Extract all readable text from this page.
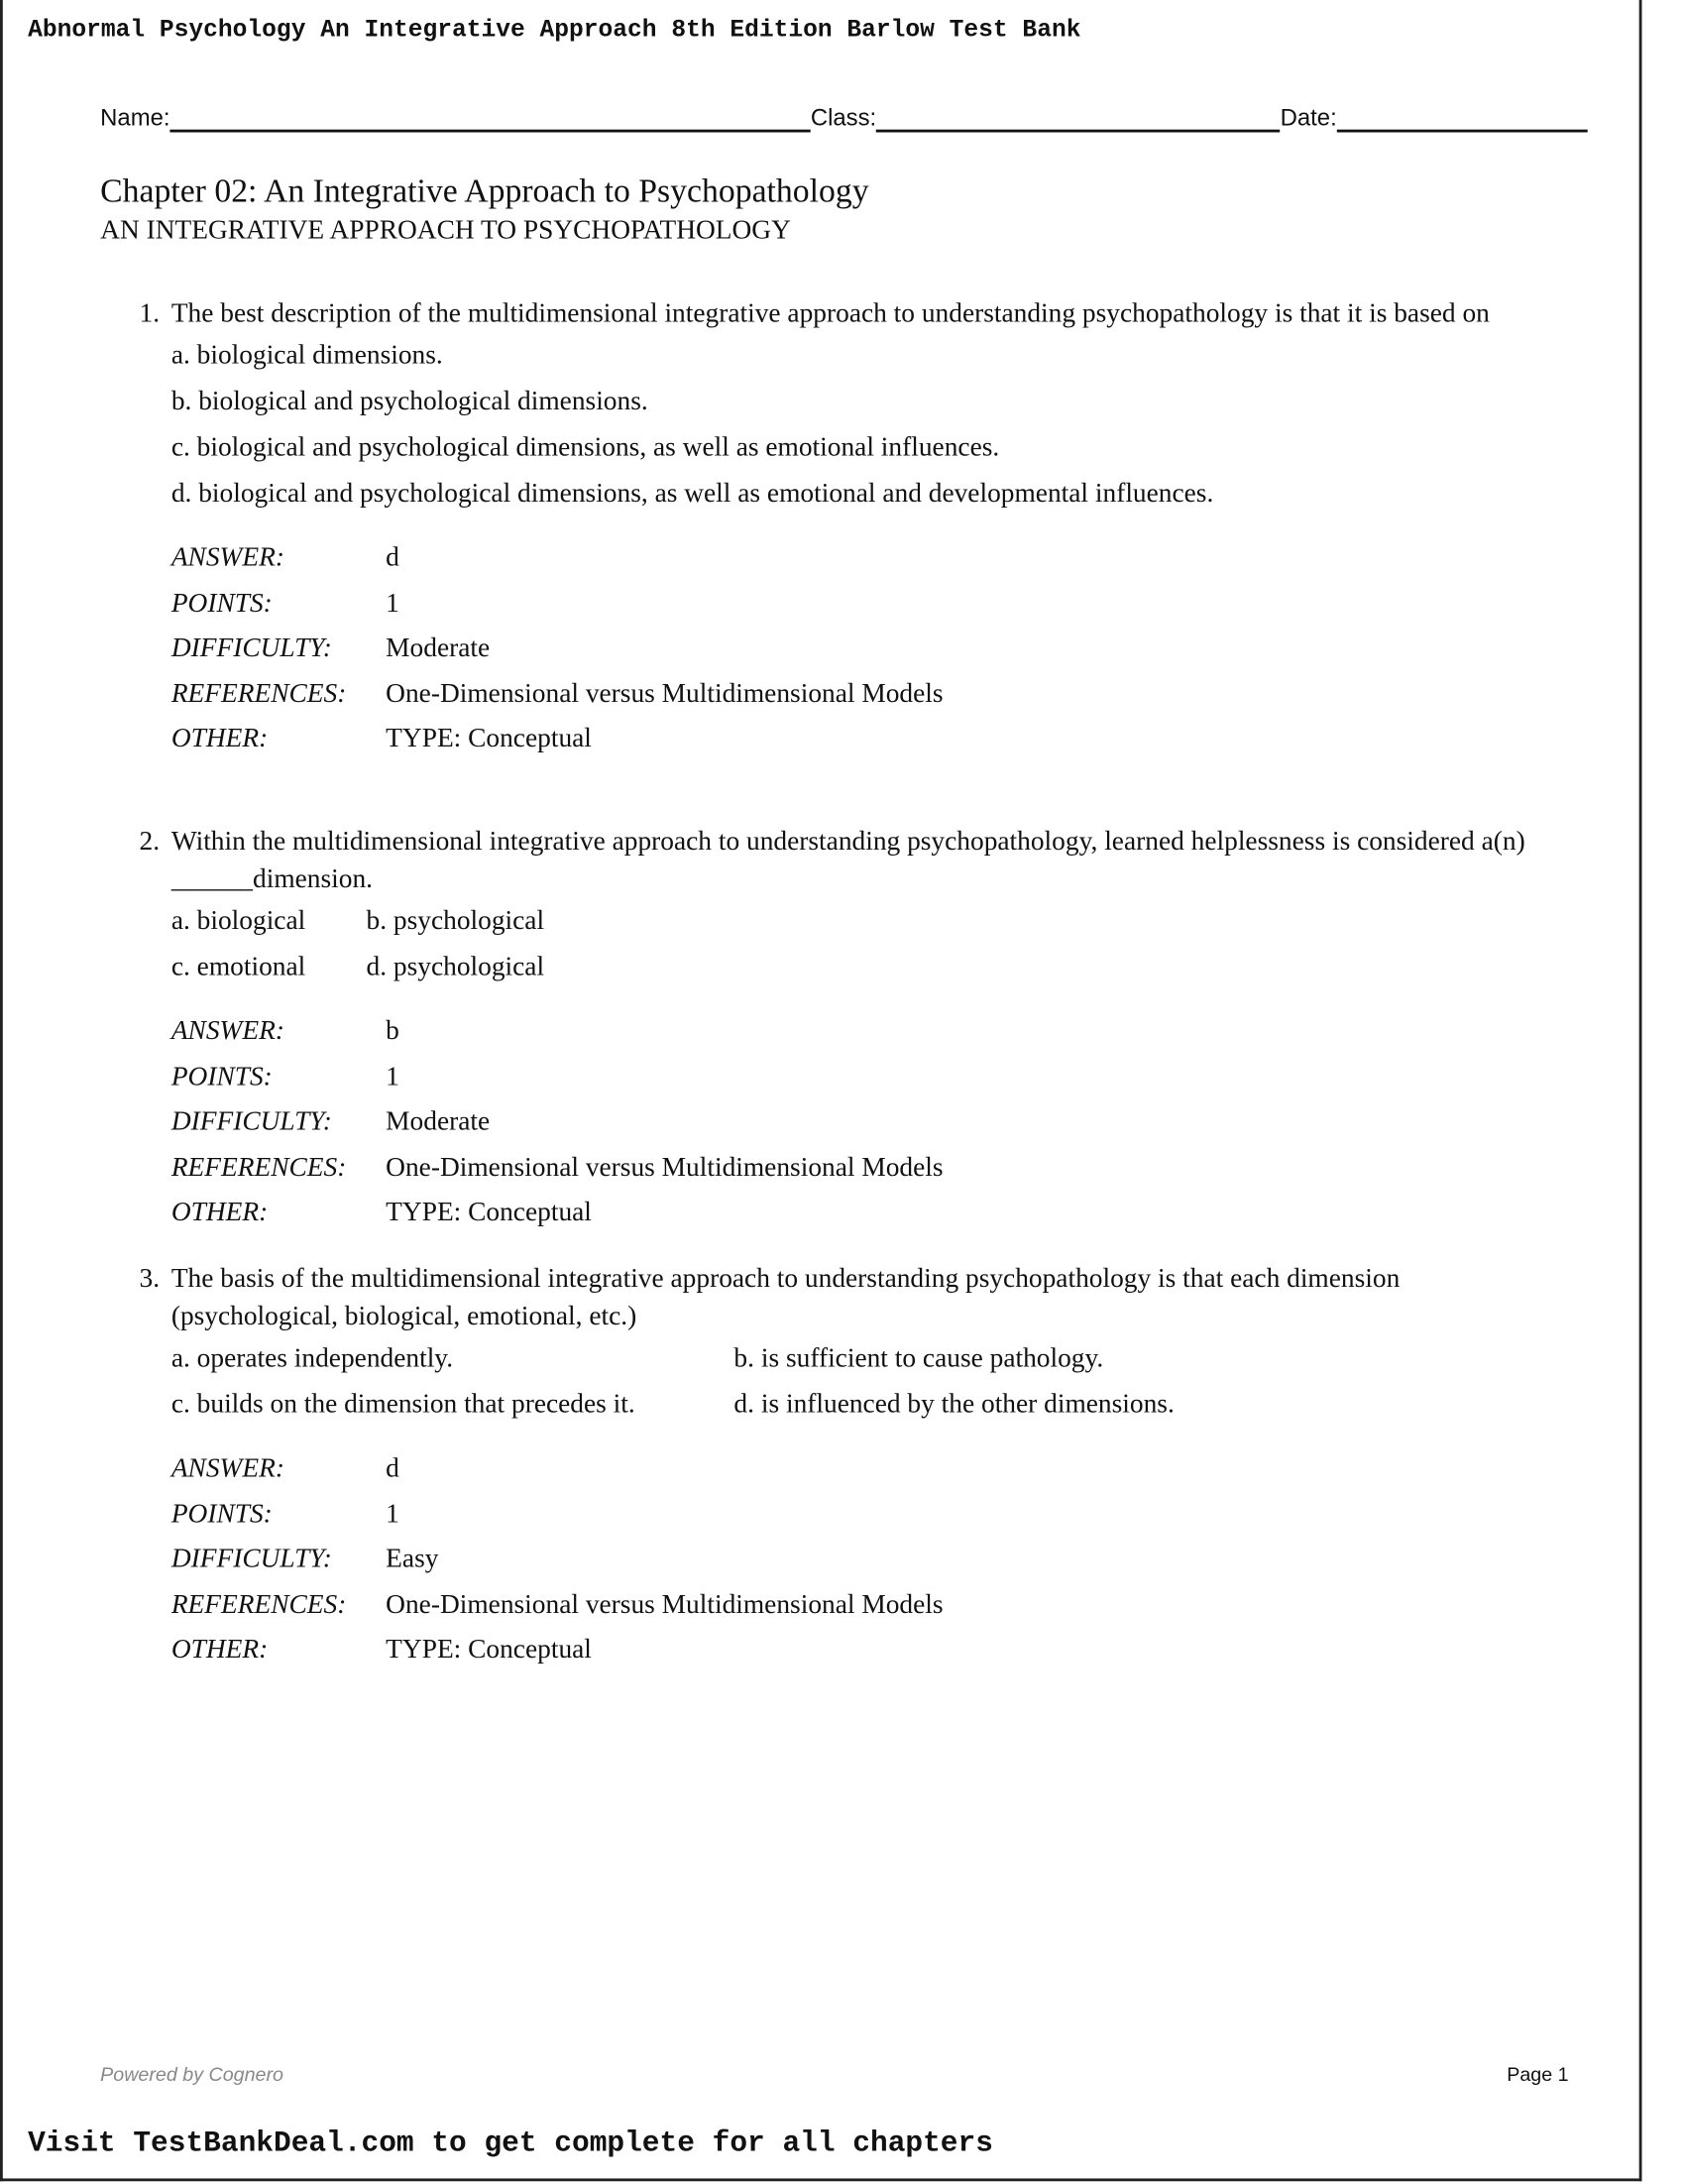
Abnormal Psychology An Integrative Approach 8th Edition Barlow Test Bank
Name:	Class:	Date:
Chapter 02: An Integrative Approach to Psychopathology
AN INTEGRATIVE APPROACH TO PSYCHOPATHOLOGY
1. The best description of the multidimensional integrative approach to understanding psychopathology is that it is based on
a. biological dimensions.
b. biological and psychological dimensions.
c. biological and psychological dimensions, as well as emotional influences.
d. biological and psychological dimensions, as well as emotional and developmental influences.
ANSWER:	d
POINTS:	1
DIFFICULTY:	Moderate
REFERENCES:	One-Dimensional versus Multidimensional Models
OTHER:	TYPE: Conceptual
2. Within the multidimensional integrative approach to understanding psychopathology, learned helplessness is considered a(n) ______dimension.
a. biological	b. psychological
c. emotional	d. psychological
ANSWER:	b
POINTS:	1
DIFFICULTY:	Moderate
REFERENCES:	One-Dimensional versus Multidimensional Models
OTHER:	TYPE: Conceptual
3. The basis of the multidimensional integrative approach to understanding psychopathology is that each dimension (psychological, biological, emotional, etc.)
a. operates independently.	b. is sufficient to cause pathology.
c. builds on the dimension that precedes it.	d. is influenced by the other dimensions.
ANSWER:	d
POINTS:	1
DIFFICULTY:	Easy
REFERENCES:	One-Dimensional versus Multidimensional Models
OTHER:	TYPE: Conceptual
Powered by Cognero	Page 1
Visit TestBankDeal.com to get complete for all chapters
